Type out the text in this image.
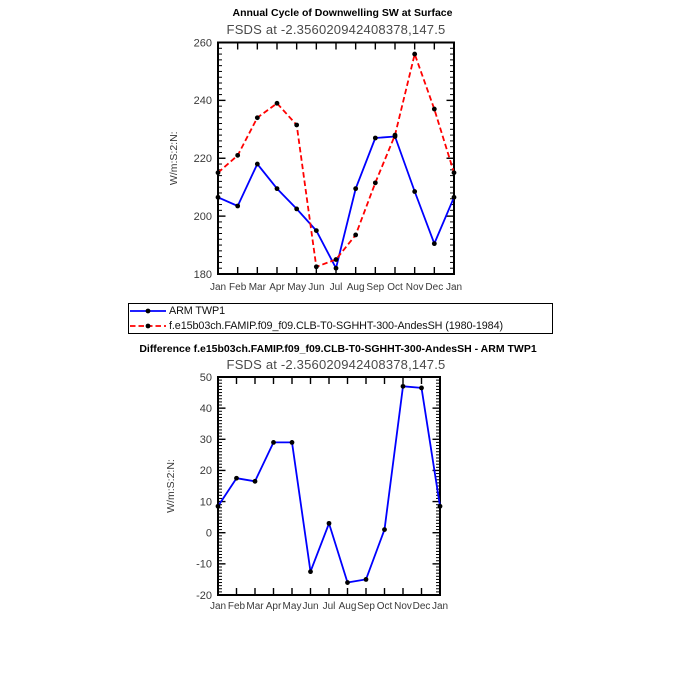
Annual Cycle of Downwelling SW at Surface
FSDS at -2.356020942408378,147.5
Jan Feb Mar Apr May Jun Jul Aug Sep Oct Nov Dec Jan
180
200
220
240
260
W/m:S:2:N:
Jan Feb Mar Apr May Jun Jul Aug Sep Oct Nov Dec Jan
-20
-10
0
10
20
30
40
50
W/m:S:2:N:
ARM TWP1
f.e15b03ch.FAMIP.f09_f09.CLB-T0-SGHHT-300-AndesSH (1980-1984)
Difference f.e15b03ch.FAMIP.f09_f09.CLB-T0-SGHHT-300-AndesSH - ARM TWP1
FSDS at -2.356020942408378,147.5
